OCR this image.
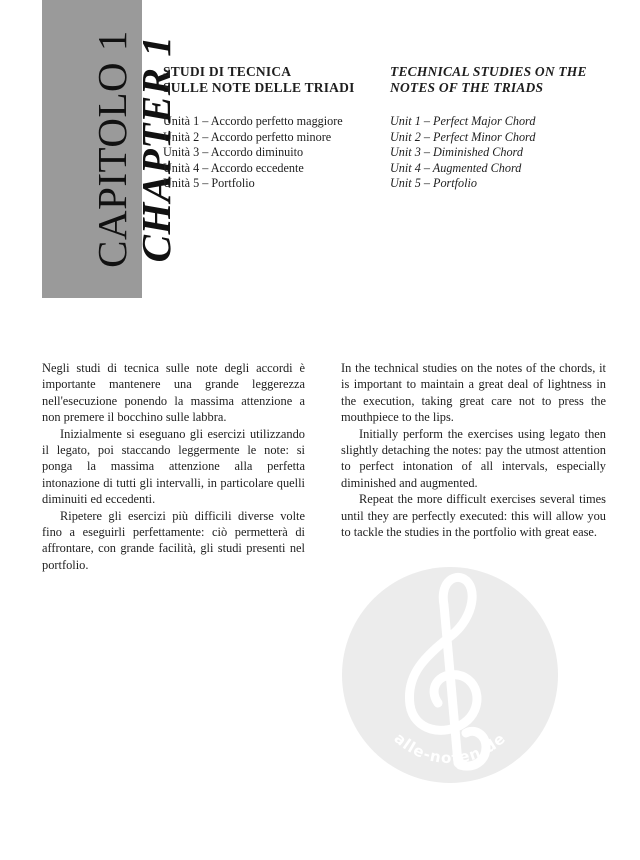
CAPITOLO 1
CHAPTER 1
STUDI DI TECNICA
SULLE NOTE DELLE TRIADI
Unità 1 – Accordo perfetto maggiore
Unità 2 – Accordo perfetto minore
Unità 3 – Accordo diminuito
Unità 4 – Accordo eccedente
Unità 5 – Portfolio
TECHNICAL STUDIES ON THE
NOTES OF THE TRIADS
Unit 1 – Perfect Major Chord
Unit 2 – Perfect Minor Chord
Unit 3 – Diminished Chord
Unit 4 – Augmented Chord
Unit 5 – Portfolio

Negli studi di tecnica sulle note degli accordi è importante mantenere una grande leggerezza nell'esecuzione ponendo la massima attenzione a non premere il bocchino sulle labbra.

Inizialmente si eseguano gli esercizi utilizzando il legato, poi staccando leggermente le note: si ponga la massima attenzione alla perfetta intonazione di tutti gli intervalli, in particolare quelli diminuiti ed eccedenti.

Ripetere gli esercizi più difficili diverse volte fino a eseguirli perfettamente: ciò permetterà di affrontare, con grande facilità, gli studi presenti nel portfolio.

In the technical studies on the notes of the chords, it is important to maintain a great deal of lightness in the execution, taking great care not to press the mouthpiece to the lips.

Initially perform the exercises using legato then slightly detaching the notes: pay the utmost attention to perfect intonation of all intervals, especially diminished and augmented.

Repeat the more difficult exercises several times until they are perfectly executed: this will allow you to tackle the studies in the portfolio with great ease.

alle-noten.de
